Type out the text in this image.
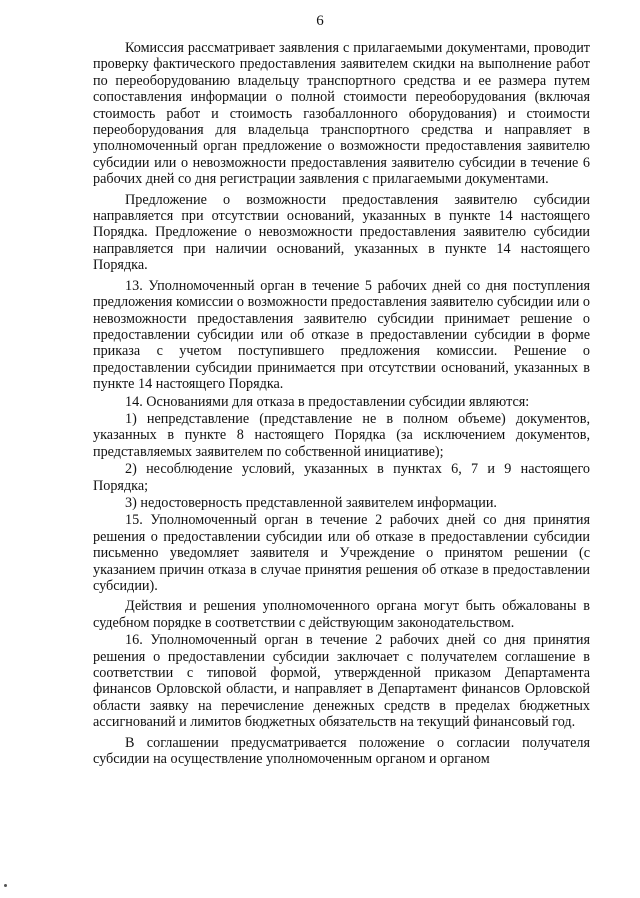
6

Комиссия рассматривает заявления с прилагаемыми документами, проводит проверку фактического предоставления заявителем скидки на выполнение работ по переоборудованию владельцу транспортного средства и ее размера путем сопоставления информации о полной стоимости переоборудования (включая стоимость работ и стоимость газобаллонного оборудования) и стоимости переоборудования для владельца транспортного средства и направляет в уполномоченный орган предложение о возможности предоставления заявителю субсидии или о невозможности предоставления заявителю субсидии в течение 6 рабочих дней со дня регистрации заявления с прилагаемыми документами.

Предложение о возможности предоставления заявителю субсидии направляется при отсутствии оснований, указанных в пункте 14 настоящего Порядка. Предложение о невозможности предоставления заявителю субсидии направляется при наличии оснований, указанных в пункте 14 настоящего Порядка.

13. Уполномоченный орган в течение 5 рабочих дней со дня поступления предложения комиссии о возможности предоставления заявителю субсидии или о невозможности предоставления заявителю субсидии принимает решение о предоставлении субсидии или об отказе в предоставлении субсидии в форме приказа с учетом поступившего предложения комиссии. Решение о предоставлении субсидии принимается при отсутствии оснований, указанных в пункте 14 настоящего Порядка.

14. Основаниями для отказа в предоставлении субсидии являются:

1) непредставление (представление не в полном объеме) документов, указанных в пункте 8 настоящего Порядка (за исключением документов, представляемых заявителем по собственной инициативе);

2) несоблюдение условий, указанных в пунктах 6, 7 и 9 настоящего Порядка;

3) недостоверность представленной заявителем информации.

15. Уполномоченный орган в течение 2 рабочих дней со дня принятия решения о предоставлении субсидии или об отказе в предоставлении субсидии письменно уведомляет заявителя и Учреждение о принятом решении (с указанием причин отказа в случае принятия решения об отказе в предоставлении субсидии).

Действия и решения уполномоченного органа могут быть обжалованы в судебном порядке в соответствии с действующим законодательством.

16. Уполномоченный орган в течение 2 рабочих дней со дня принятия решения о предоставлении субсидии заключает с получателем соглашение в соответствии с типовой формой, утвержденной приказом Департамента финансов Орловской области, и направляет в Департамент финансов Орловской области заявку на перечисление денежных средств в пределах бюджетных ассигнований и лимитов бюджетных обязательств на текущий финансовый год.

В соглашении предусматривается положение о согласии получателя субсидии на осуществление уполномоченным органом и органом
